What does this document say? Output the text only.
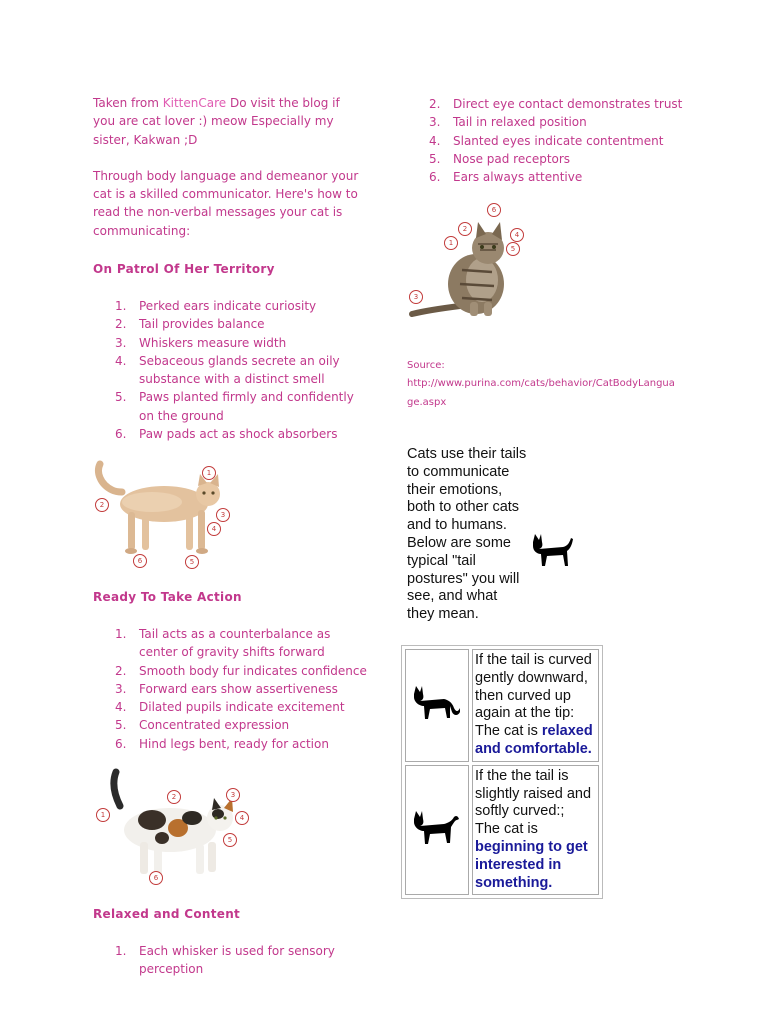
Taken from KittenCare Do visit the blog if you are cat lover :) meow Especially my sister, Kakwan ;D

Through body language and demeanor your cat is a skilled communicator. Here's how to read the non-verbal messages your cat is communicating:

On Patrol Of Her Territory
1.	Perked ears indicate curiosity
2.	Tail provides balance
3.	Whiskers measure width
4.	Sebaceous glands secrete an oily substance with a distinct smell
5.	Paws planted firmly and confidently on the ground
6.	Paw pads act as shock absorbers
1
2
3
4
5
6
Ready To Take Action
1.	Tail acts as a counterbalance as center of gravity shifts forward
2.	Smooth body fur indicates confidence
3.	Forward ears show assertiveness
4.	Dilated pupils indicate excitement
5.	Concentrated expression
6.	Hind legs bent, ready for action
1
2	3
4
5
6
Relaxed and Content
1.	Each whisker is used for sensory perception
2.	Direct eye contact demonstrates trust
3.	Tail in relaxed position
4.	Slanted eyes indicate contentment
5.	Nose pad receptors
6.	Ears always attentive
6
2
1
4
5
3
Source:
http://www.purina.com/cats/behavior/CatBodyLanguage.aspx
Cats use their tails to communicate their emotions, both to other cats and to humans. Below are some typical "tail postures" you will see, and what they mean.

If the tail is curved gently downward, then curved up again at the tip:
The cat is relaxed and comfortable.

If the the tail is slightly raised and softly curved:;
The cat is beginning to get interested in something.
